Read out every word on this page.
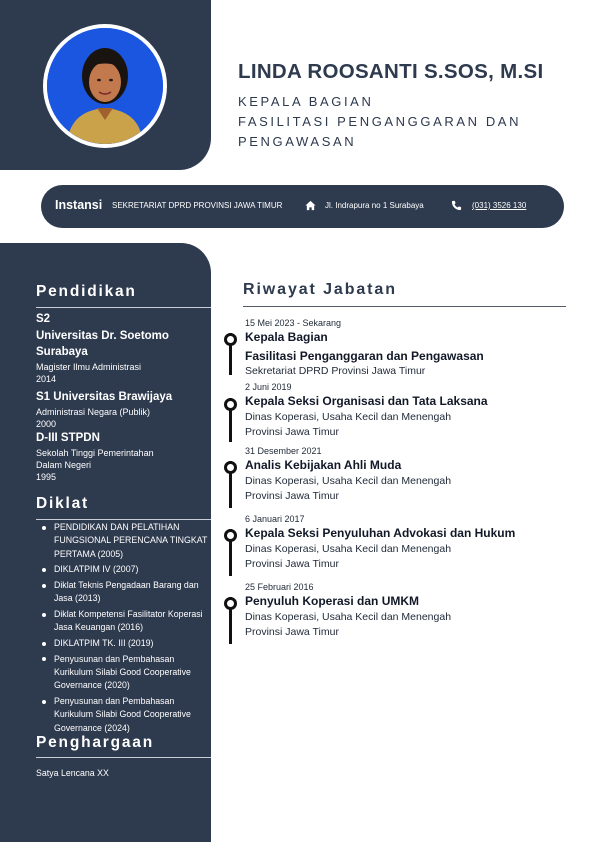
LINDA ROOSANTI S.SOS, M.SI
KEPALA BAGIAN
FASILITASI PENGANGGARAN DAN
PENGAWASAN
Instansi SEKRETARIAT DPRD PROVINSI JAWA TIMUR	Jl. Indrapura no 1 Surabaya	(031) 3526 130
Pendidikan
S2
Universitas Dr. Soetomo
Surabaya
Magister Ilmu Administrasi
2014
S1 Universitas Brawijaya
Administrasi Negara (Publik)
2000
D-III STPDN
Sekolah Tinggi Pemerintahan
Dalam Negeri
1995
Diklat
PENDIDIKAN DAN PELATIHAN FUNGSIONAL PERENCANA TINGKAT PERTAMA (2005)
DIKLATPIM IV (2007)
Diklat Teknis Pengadaan Barang dan Jasa (2013)
Diklat Kompetensi Fasilitator Koperasi Jasa Keuangan (2016)
DIKLATPIM TK. III (2019)
Penyusunan dan Pembahasan Kurikulum Silabi Good Cooperative Governance (2020)
Penyusunan dan Pembahasan Kurikulum Silabi Good Cooperative Governance (2024)
Penghargaan
Satya Lencana XX
Riwayat Jabatan
15 Mei 2023 - Sekarang
Kepala Bagian
Fasilitasi Penganggaran dan Pengawasan
Sekretariat DPRD Provinsi Jawa Timur
2 Juni 2019
Kepala Seksi Organisasi dan Tata Laksana
Dinas Koperasi, Usaha Kecil dan Menengah
Provinsi Jawa Timur
31 Desember 2021
Analis Kebijakan Ahli Muda
Dinas Koperasi, Usaha Kecil dan Menengah
Provinsi Jawa Timur
6 Januari 2017
Kepala Seksi Penyuluhan Advokasi dan Hukum
Dinas Koperasi, Usaha Kecil dan Menengah
Provinsi Jawa Timur
25 Februari 2016
Penyuluh Koperasi dan UMKM
Dinas Koperasi, Usaha Kecil dan Menengah
Provinsi Jawa Timur
